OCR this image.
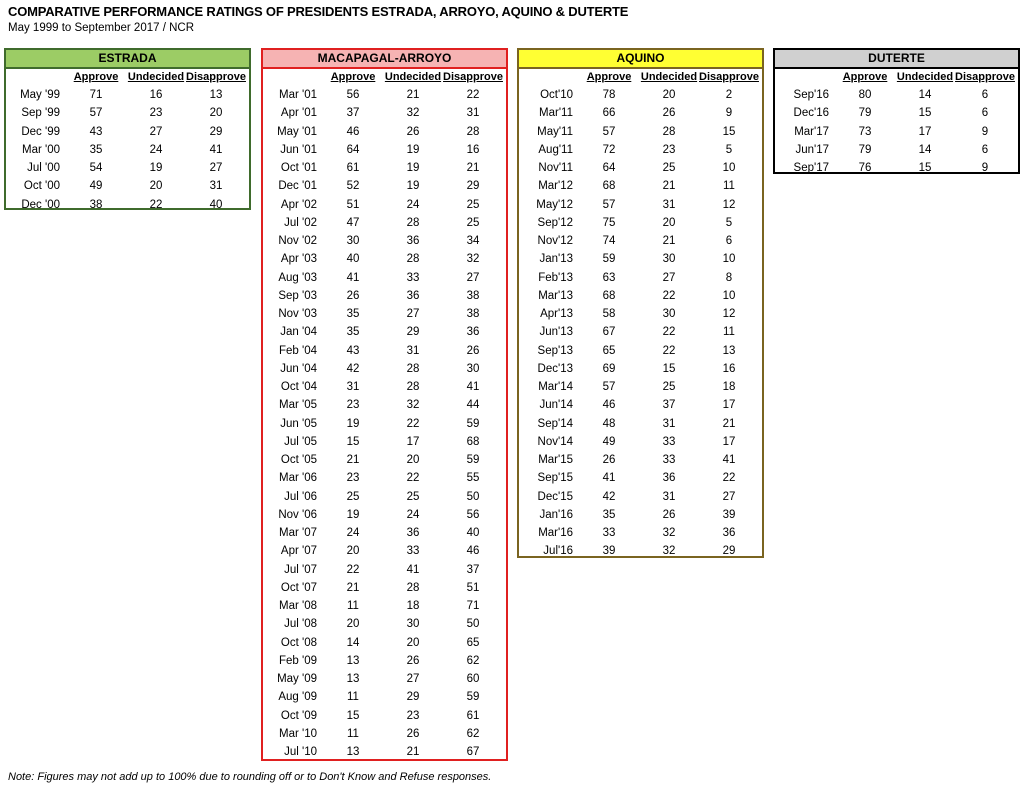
COMPARATIVE PERFORMANCE RATINGS OF PRESIDENTS ESTRADA, ARROYO, AQUINO & DUTERTE
May 1999 to September 2017 / NCR
ESTRADA
Approve Undecided Disapprove
May '99	71	16	13
Sep '99	57	23	20
Dec '99	43	27	29
Mar '00	35	24	41
Jul '00	54	19	27
Oct '00	49	20	31
Dec '00	38	22	40
MACAPAGAL-ARROYO
Approve Undecided Disapprove
Mar '01	56	21	22
Apr '01	37	32	31
May '01	46	26	28
Jun '01	64	19	16
Oct '01	61	19	21
Dec '01	52	19	29
Apr '02	51	24	25
Jul '02	47	28	25
Nov '02	30	36	34
Apr '03	40	28	32
Aug '03	41	33	27
Sep '03	26	36	38
Nov '03	35	27	38
Jan '04	35	29	36
Feb '04	43	31	26
Jun '04	42	28	30
Oct '04	31	28	41
Mar '05	23	32	44
Jun '05	19	22	59
Jul '05	15	17	68
Oct '05	21	20	59
Mar '06	23	22	55
Jul '06	25	25	50
Nov '06	19	24	56
Mar '07	24	36	40
Apr '07	20	33	46
Jul '07	22	41	37
Oct '07	21	28	51
Mar '08	11	18	71
Jul '08	20	30	50
Oct '08	14	20	65
Feb '09	13	26	62
May '09	13	27	60
Aug '09	11	29	59
Oct '09	15	23	61
Mar '10	11	26	62
Jul '10	13	21	67
AQUINO
Approve Undecided Disapprove
Oct'10	78	20	2
Mar'11	66	26	9
May'11	57	28	15
Aug'11	72	23	5
Nov'11	64	25	10
Mar'12	68	21	11
May'12	57	31	12
Sep'12	75	20	5
Nov'12	74	21	6
Jan'13	59	30	10
Feb'13	63	27	8
Mar'13	68	22	10
Apr'13	58	30	12
Jun'13	67	22	11
Sep'13	65	22	13
Dec'13	69	15	16
Mar'14	57	25	18
Jun'14	46	37	17
Sep'14	48	31	21
Nov'14	49	33	17
Mar'15	26	33	41
Sep'15	41	36	22
Dec'15	42	31	27
Jan'16	35	26	39
Mar'16	33	32	36
Jul'16	39	32	29
DUTERTE
Approve Undecided Disapprove
Sep'16	80	14	6
Dec'16	79	15	6
Mar'17	73	17	9
Jun'17	79	14	6
Sep'17	76	15	9
Note: Figures may not add up to 100% due to rounding off or to Don't Know and Refuse responses.
